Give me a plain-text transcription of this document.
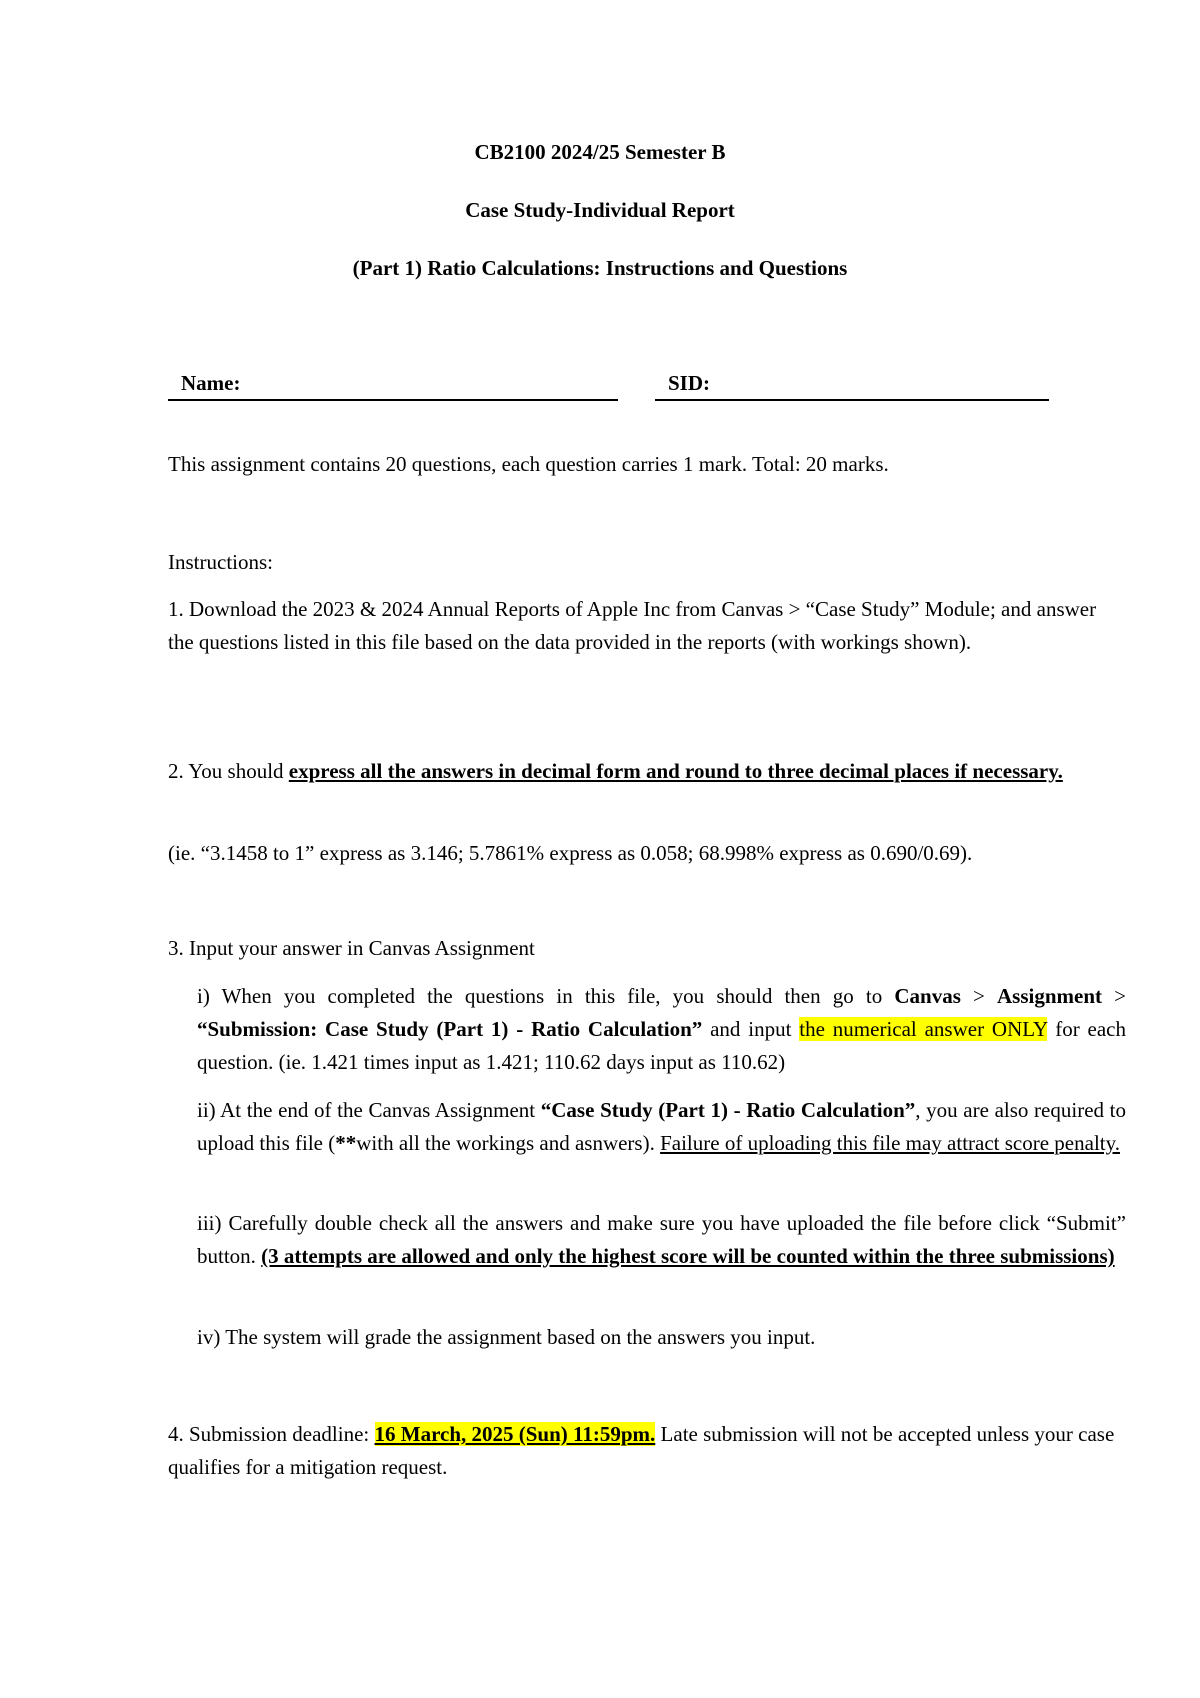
CB2100 2024/25 Semester B
Case Study-Individual Report
(Part 1) Ratio Calculations: Instructions and Questions
Name:	SID:
This assignment contains 20 questions, each question carries 1 mark. Total: 20 marks.
Instructions:
1. Download the 2023 & 2024 Annual Reports of Apple Inc from Canvas > “Case Study” Module; and answer the questions listed in this file based on the data provided in the reports (with workings shown).
2. You should express all the answers in decimal form and round to three decimal places if necessary.
(ie. “3.1458 to 1” express as 3.146; 5.7861% express as 0.058; 68.998% express as 0.690/0.69).
3. Input your answer in Canvas Assignment
i) When you completed the questions in this file, you should then go to Canvas > Assignment > “Submission: Case Study (Part 1) - Ratio Calculation” and input the numerical answer ONLY for each question. (ie. 1.421 times input as 1.421; 110.62 days input as 110.62)
ii) At the end of the Canvas Assignment “Case Study (Part 1) - Ratio Calculation”, you are also required to upload this file (**with all the workings and asnwers). Failure of uploading this file may attract score penalty.
iii) Carefully double check all the answers and make sure you have uploaded the file before click “Submit” button. (3 attempts are allowed and only the highest score will be counted within the three submissions)
iv) The system will grade the assignment based on the answers you input.
4. Submission deadline: 16 March, 2025 (Sun) 11:59pm. Late submission will not be accepted unless your case qualifies for a mitigation request.
